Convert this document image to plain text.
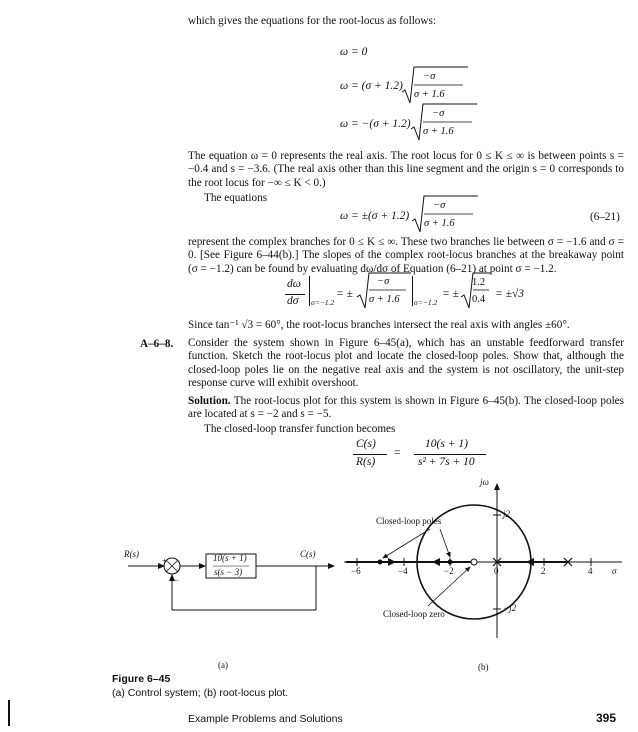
which gives the equations for the root-locus as follows:
ω = 0
ω = (σ + 1.2)
−σ
σ + 1.6
ω = −(σ + 1.2)
−σ
σ + 1.6
The equation ω = 0 represents the real axis. The root locus for 0 ≤ K ≤ ∞ is between points s = −0.4 and s = −3.6. (The real axis other than this line segment and the origin s = 0 corresponds to the root locus for −∞ ≤ K < 0.)
The equations
ω = ±(σ + 1.2)
−σ
σ + 1.6
(6–21)
represent the complex branches for 0 ≤ K ≤ ∞. These two branches lie between σ = −1.6 and σ = 0. [See Figure 6–44(b).] The slopes of the complex root-locus branches at the breakaway point (σ = −1.2) can be found by evaluating dω/dσ of Equation (6–21) at point σ = −1.2.
dω
dσ σ=−1.2
= ±
−σ
σ + 1.6 σ=−1.2
= ±
1.2
0.4 = ±√3
Since tan⁻¹ √3 = 60°, the root-locus branches intersect the real axis with angles ±60°.
A–6–8. Consider the system shown in Figure 6–45(a), which has an unstable feedforward transfer function. Sketch the root-locus plot and locate the closed-loop poles. Show that, although the closed-loop poles lie on the negative real axis and the system is not oscillatory, the unit-step response curve will exhibit overshoot.
Solution. The root-locus plot for this system is shown in Figure 6–45(b). The closed-loop poles are located at s = −2 and s = −5.
The closed-loop transfer function becomes
C(s)
R(s)
=
10(s + 1)
s² + 7s + 10
R(s)	C(s)
+
−
10(s + 1)
s(s − 3)
(a)
jω
j2
−j2
σ
−6	−4	−2	0	2	4
Closed-loop poles
Closed-loop zero
(b)
Figure 6–45
(a) Control system; (b) root-locus plot.
Example Problems and Solutions	395
